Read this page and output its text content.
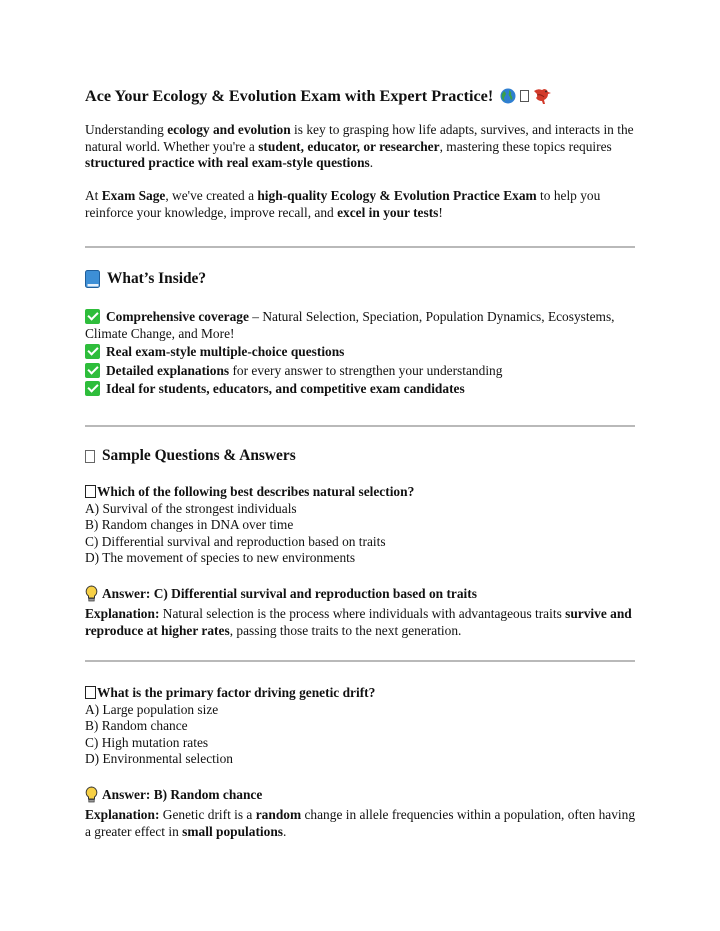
Ace Your Ecology & Evolution Exam with Expert Practice!

Understanding ecology and evolution is key to grasping how life adapts, survives, and interacts in the natural world. Whether you're a student, educator, or researcher, mastering these topics requires structured practice with real exam-style questions.

At Exam Sage, we've created a high-quality Ecology & Evolution Practice Exam to help you reinforce your knowledge, improve recall, and excel in your tests!

What’s Inside?

Comprehensive coverage – Natural Selection, Speciation, Population Dynamics, Ecosystems, Climate Change, and More!

Real exam-style multiple-choice questions

Detailed explanations for every answer to strengthen your understanding

Ideal for students, educators, and competitive exam candidates

Sample Questions & Answers

Which of the following best describes natural selection?

A) Survival of the strongest individuals

B) Random changes in DNA over time

C) Differential survival and reproduction based on traits

D) The movement of species to new environments

Answer: C) Differential survival and reproduction based on traits

Explanation: Natural selection is the process where individuals with advantageous traits survive and reproduce at higher rates, passing those traits to the next generation.

What is the primary factor driving genetic drift?

A) Large population size

B) Random chance

C) High mutation rates

D) Environmental selection

Answer: B) Random chance

Explanation: Genetic drift is a random change in allele frequencies within a population, often having a greater effect in small populations.
